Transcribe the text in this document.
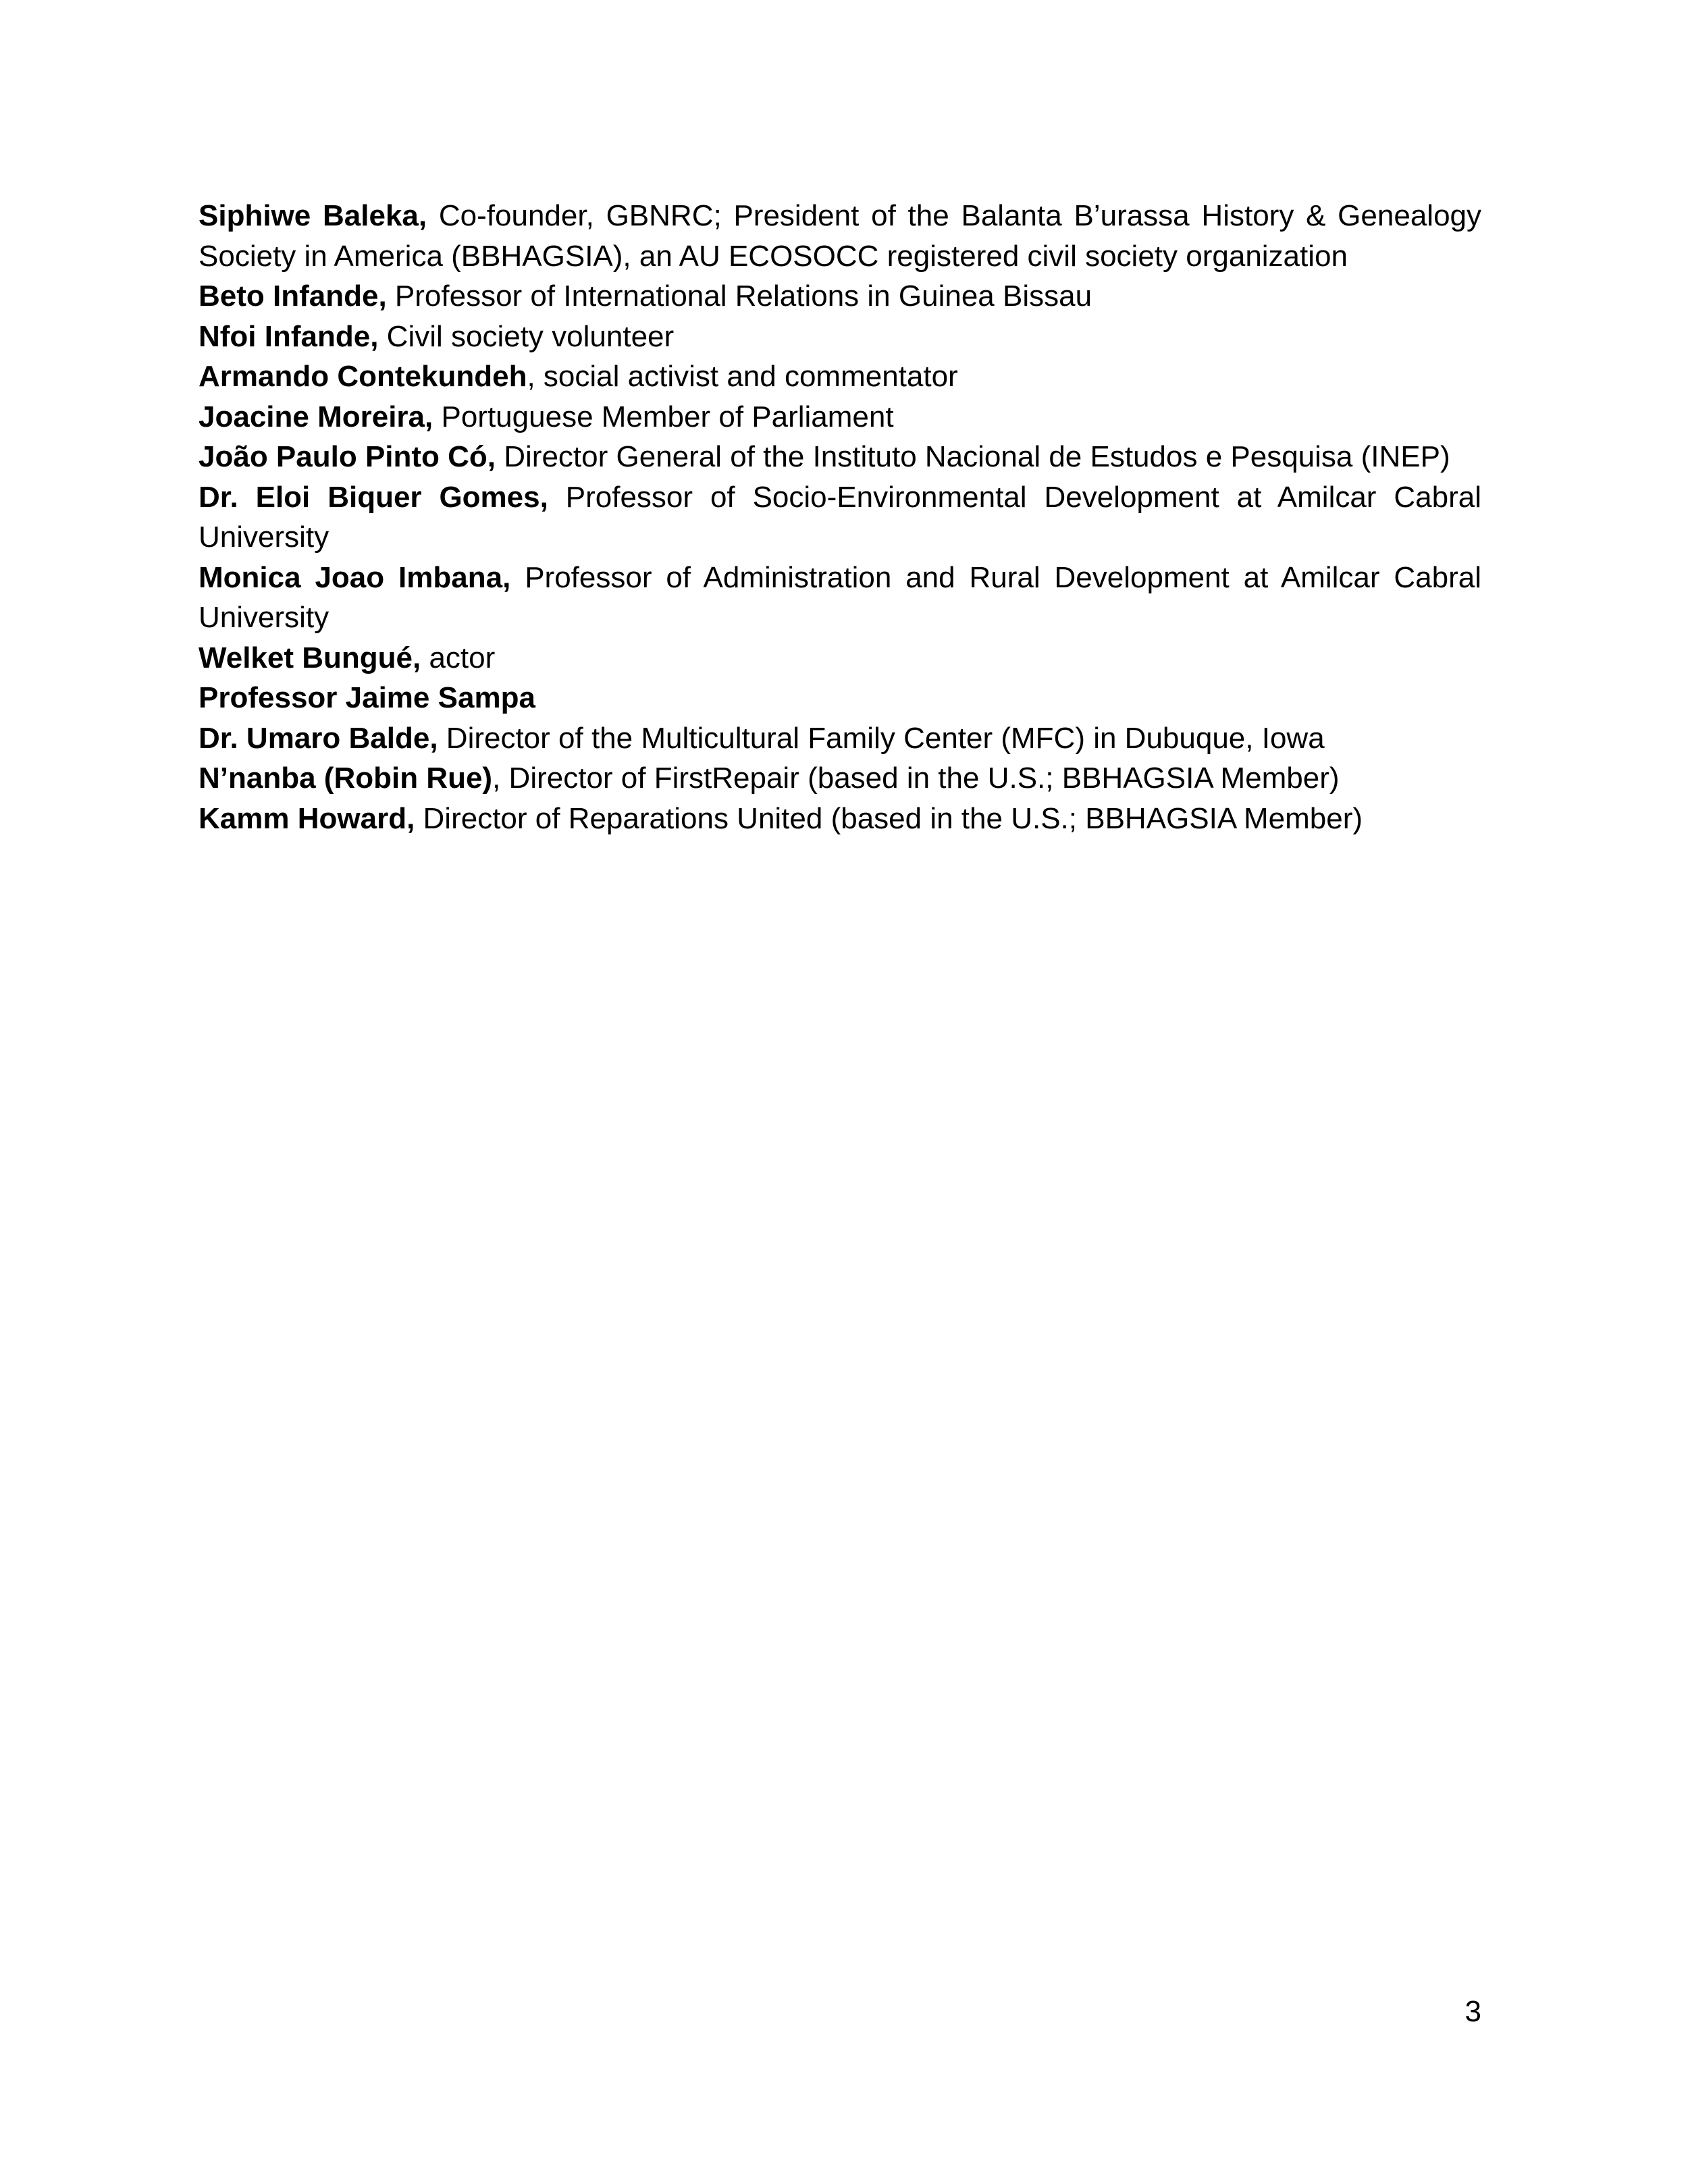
Siphiwe Baleka, Co-founder, GBNRC; President of the Balanta B’urassa History & Genealogy Society in America (BBHAGSIA), an AU ECOSOCC registered civil society organization

Beto Infande, Professor of International Relations in Guinea Bissau

Nfoi Infande, Civil society volunteer

Armando Contekundeh, social activist and commentator

Joacine Moreira, Portuguese Member of Parliament

João Paulo Pinto Có, Director General of the Instituto Nacional de Estudos e Pesquisa (INEP)

Dr. Eloi Biquer Gomes, Professor of Socio-Environmental Development at Amilcar Cabral University

Monica Joao Imbana, Professor of Administration and Rural Development at Amilcar Cabral University

Welket Bungué, actor

Professor Jaime Sampa

Dr. Umaro Balde, Director of the Multicultural Family Center (MFC) in Dubuque, Iowa

N’nanba (Robin Rue), Director of FirstRepair (based in the U.S.; BBHAGSIA Member)

Kamm Howard, Director of Reparations United (based in the U.S.; BBHAGSIA Member)

3
